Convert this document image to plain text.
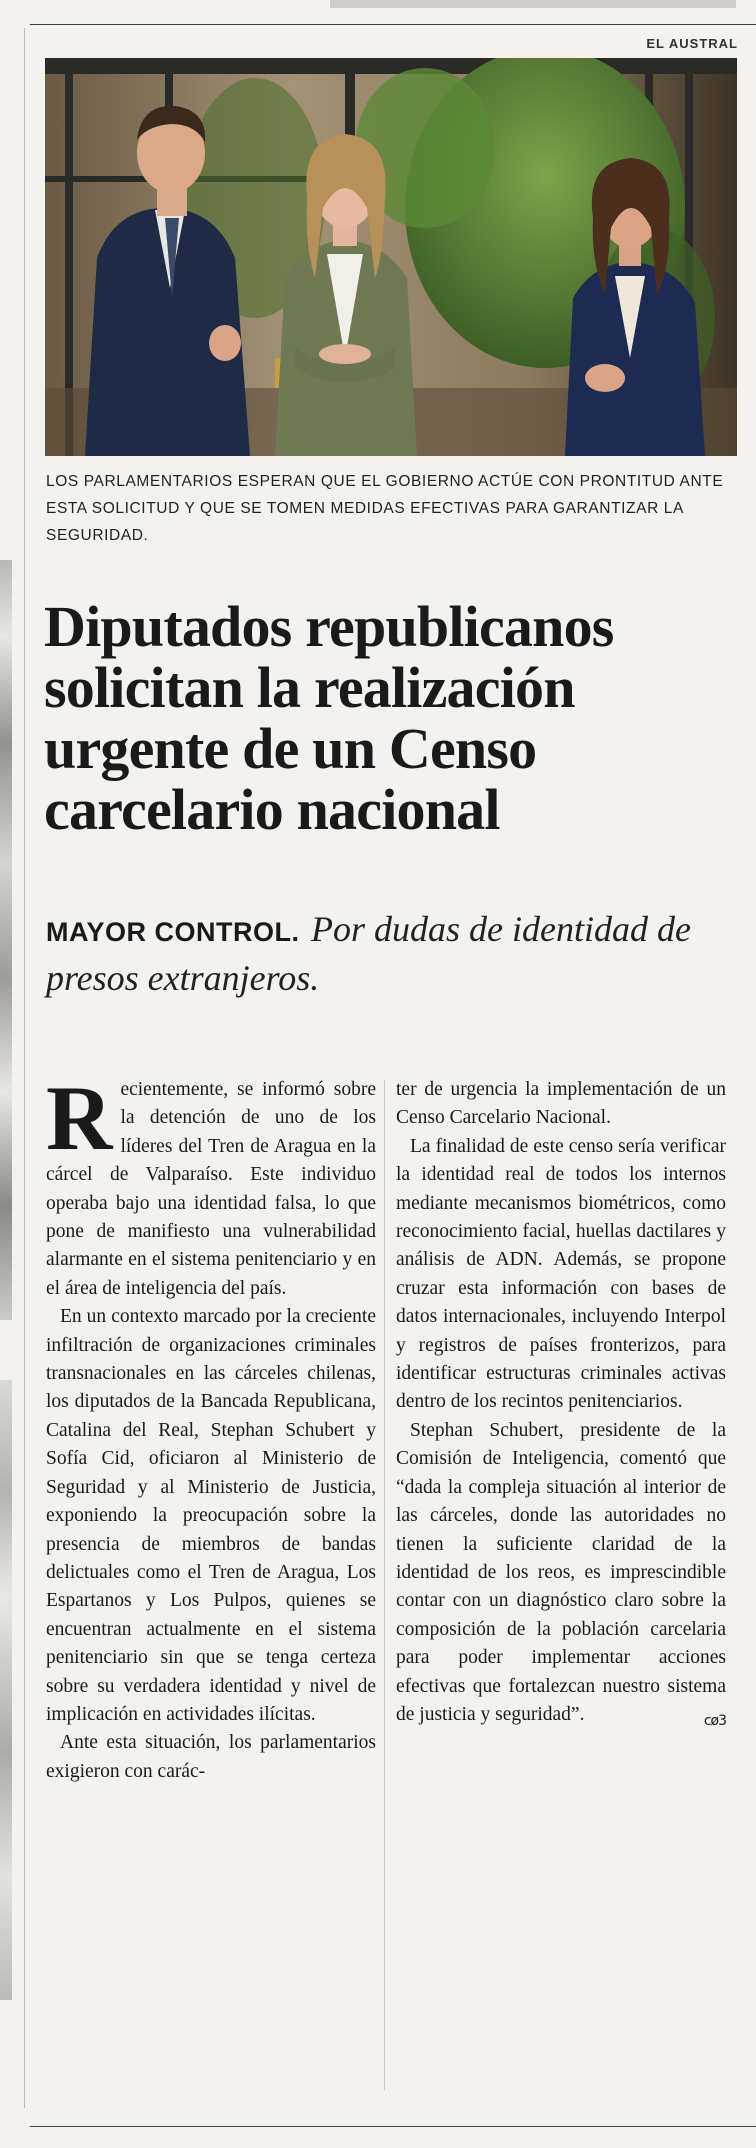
EL AUSTRAL
LOS PARLAMENTARIOS ESPERAN QUE EL GOBIERNO ACTÚE CON PRONTITUD ANTE ESTA SOLICITUD Y QUE SE TOMEN MEDIDAS EFECTIVAS PARA GARANTIZAR LA SEGURIDAD.
Diputados republicanos solicitan la realización urgente de un Censo carcelario nacional
MAYOR CONTROL. Por dudas de identidad de presos extranjeros.

Recientemente, se informó sobre la detención de uno de los líderes del Tren de Aragua en la cárcel de Valparaíso. Este individuo operaba bajo una identidad falsa, lo que pone de manifiesto una vulnerabilidad alarmante en el sistema penitenciario y en el área de inteligencia del país.

En un contexto marcado por la creciente infiltración de organizaciones criminales transnacionales en las cárceles chilenas, los diputados de la Bancada Republicana, Catalina del Real, Stephan Schubert y Sofía Cid, oficiaron al Ministerio de Seguridad y al Ministerio de Justicia, exponiendo la preocupación sobre la presencia de miembros de bandas delictuales como el Tren de Aragua, Los Espartanos y Los Pulpos, quienes se encuentran actualmente en el sistema penitenciario sin que se tenga certeza sobre su verdadera identidad y nivel de implicación en actividades ilícitas.

Ante esta situación, los parlamentarios exigieron con carác-

ter de urgencia la implementación de un Censo Carcelario Nacional.

La finalidad de este censo sería verificar la identidad real de todos los internos mediante mecanismos biométricos, como reconocimiento facial, huellas dactilares y análisis de ADN. Además, se propone cruzar esta información con bases de datos internacionales, incluyendo Interpol y registros de países fronterizos, para identificar estructuras criminales activas dentro de los recintos penitenciarios.

Stephan Schubert, presidente de la Comisión de Inteligencia, comentó que “dada la compleja situación al interior de las cárceles, donde las autoridades no tienen la suficiente claridad de la identidad de los reos, es imprescindible contar con un diagnóstico claro sobre la composición de la población carcelaria para poder implementar acciones efectivas que fortalezcan nuestro sistema de justicia y seguridad”.	cø3
